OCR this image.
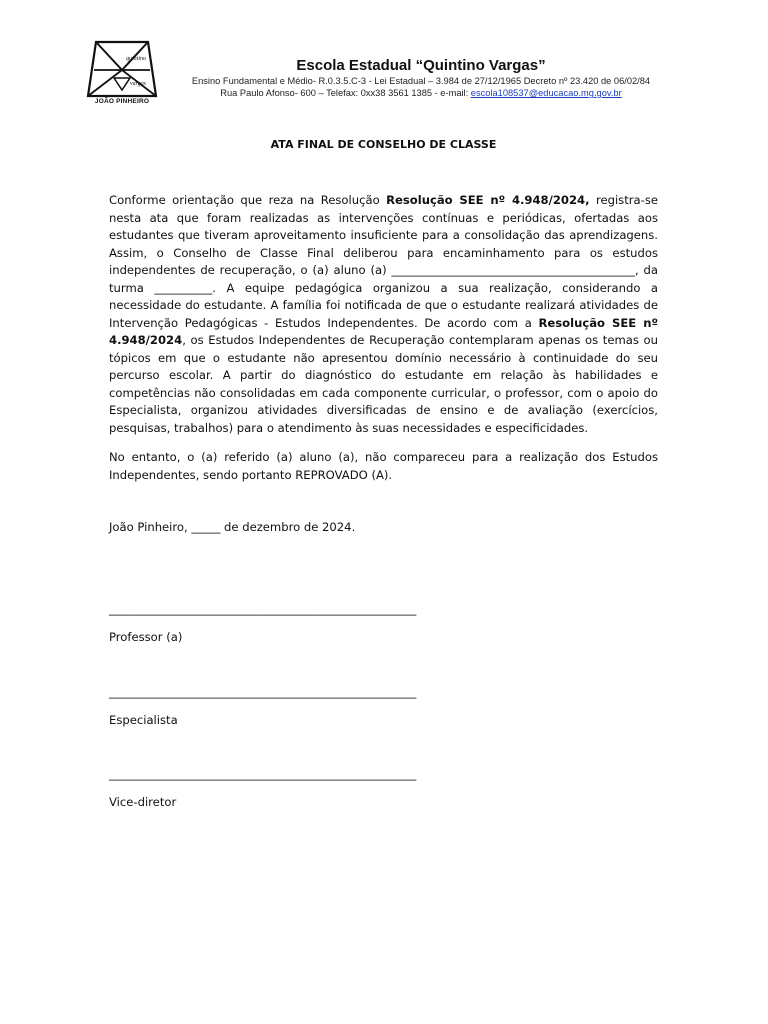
quintino
vargas
JOÃO PINHEIRO
Escola Estadual “Quintino Vargas”
Ensino Fundamental e Médio- R.0.3.5.C-3 - Lei Estadual – 3.984 de 27/12/1965 Decreto nº 23.420 de 06/02/84
Rua Paulo Afonso- 600 – Telefax: 0xx38 3561 1385 - e-mail: escola108537@educacao.mg.gov.br
ATA FINAL DE CONSELHO DE CLASSE

Conforme orientação que reza na Resolução Resolução SEE nº 4.948/2024, registra-se nesta ata que foram realizadas as intervenções contínuas e periódicas, ofertadas aos estudantes que tiveram aproveitamento insuficiente para a consolidação das aprendizagens. Assim, o Conselho de Classe Final deliberou para encaminhamento para os estudos independentes de recuperação, o (a) aluno (a) __________________________________________, da turma __________. A equipe pedagógica organizou a sua realização, considerando a necessidade do estudante. A família foi notificada de que o estudante realizará atividades de Intervenção Pedagógicas - Estudos Independentes. De acordo com a Resolução SEE nº 4.948/2024, os Estudos Independentes de Recuperação contemplaram apenas os temas ou tópicos em que o estudante não apresentou domínio necessário à continuidade do seu percurso escolar. A partir do diagnóstico do estudante em relação às habilidades e competências não consolidadas em cada componente curricular, o professor, com o apoio do Especialista, organizou atividades diversificadas de ensino e de avaliação (exercícios, pesquisas, trabalhos) para o atendimento às suas necessidades e especificidades.

No entanto, o (a) referido (a) aluno (a), não compareceu para a realização dos Estudos Independentes, sendo portanto REPROVADO (A).

João Pinheiro, _____ de dezembro de 2024.
_____________________________________________________
Professor (a)
_____________________________________________________
Especialista
_____________________________________________________
Vice-diretor
